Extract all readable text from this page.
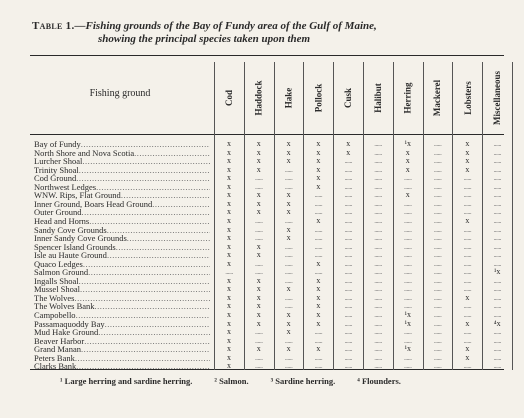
Table 1.—Fishing grounds of the Bay of Fundy area of the Gulf of Maine,
showing the principal species taken upon them
Fishing ground	Cod Haddock Hake Pollock Cusk Halibut Herring Mackerel Lobsters Miscellaneous
Bay of Fundy .....	x	x	x	x	x	......	¹x	......	x	......
North Shore and Nova Scotia .....	x	x	x	x	x	......	x	......	x	......
Lurcher Shoal .....	x	x	x	x	......	......	x	......	x	......
Trinity Shoal .....	x	x	......	x	......	......	x	......	x	......
Cod Ground .....	x	......	......	x	......	......	......	......	......	......
Northwest Ledges .....	x	......	......	x	......	......	......	......	......	......
WNW. Rips, Flat Ground .....	x	x	x	......	......	......	x	......	......	......
Inner Ground, Boars Head Ground .....	x	x	x	......	......	......	......	......	......	......
Outer Ground .....	x	x	x	......	......	......	......	......	......	......
Head and Horns .....	x	......	......	x	......	......	......	......	x	......
Sandy Cove Grounds .....	x	......	x	......	......	......	......	......	......	......
Inner Sandy Cove Grounds .....	x	......	x	......	......	......	......	......	......	......
Spencer Island Grounds .....	x	x	......	......	......	......	......	......	......	......
Isle au Haute Ground .....	x	x	......	......	......	......	......	......	......	......
Quaco Ledges .....	x	......	......	x	......	......	......	......	......	......
Salmon Ground .....	......	......	......	......	......	......	......	......	......	¹x
Ingalls Shoal .....	x	x	......	x	......	......	......	......	......	......
Mussel Shoal .....	x	x	x	x	......	......	......	......	......	......
The Wolves .....	x	x	......	x	......	......	......	......	x	......
The Wolves Bank .....	x	x	......	x	......	......	......	......	......	......
Campobello .....	x	x	x	x	......	......	¹x	......	......	......
Passamaquoddy Bay .....	x	x	x	x	......	......	¹x	......	x	⁴x
Mud Hake Ground .....	x	......	x	......	......	......	......	......	......	......
Beaver Harbor .....	x	......	......	......	......	......	......	......	......	......
Grand Manan .....	x	x	x	x	......	......	¹x	......	x	......
Peters Bank .....	x	......	......	......	......	......	......	......	x	......
Clarks Bank .....	x	......	......	......	......	......	......	......	......	......
¹ Large herring and sardine herring.	² Salmon.	³ Sardine herring.	⁴ Flounders.
